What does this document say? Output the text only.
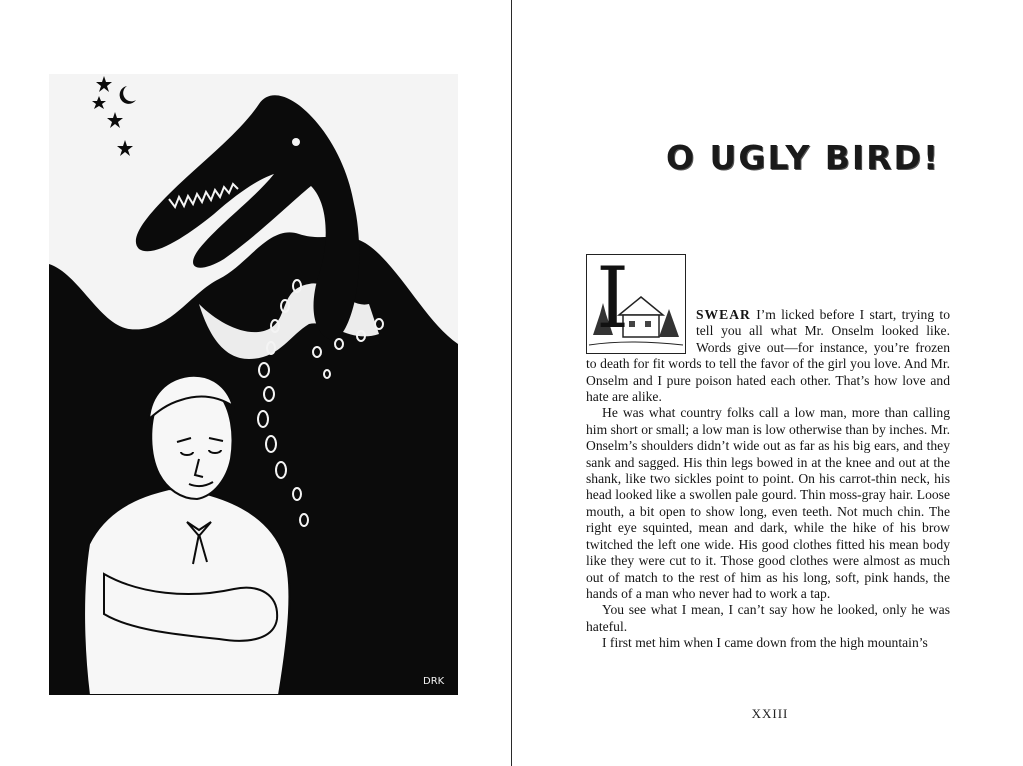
DRK
O UGLY BIRD!

I	SWEAR I’m licked before I start, trying to tell you all what Mr. Onselm looked like. Words give out—for instance, you’re frozen to death for fit words to tell the favor of the girl you love. And Mr. Onselm and I pure poison hated each other. That’s how love and hate are alike.

He was what country folks call a low man, more than calling him short or small; a low man is low otherwise than by inches. Mr. Onselm’s shoulders didn’t wide out as far as his big ears, and they sank and sagged. His thin legs bowed in at the knee and out at the shank, like two sickles point to point. On his carrot-thin neck, his head looked like a swollen pale gourd. Thin moss-gray hair. Loose mouth, a bit open to show long, even teeth. Not much chin. The right eye squinted, mean and dark, while the hike of his brow twitched the left one wide. His good clothes fitted his mean body like they were cut to it. Those good clothes were almost as much out of match to the rest of him as his long, soft, pink hands, the hands of a man who never had to work a tap.

You see what I mean, I can’t say how he looked, only he was hateful.

I first met him when I came down from the high mountain’s

XXIII
